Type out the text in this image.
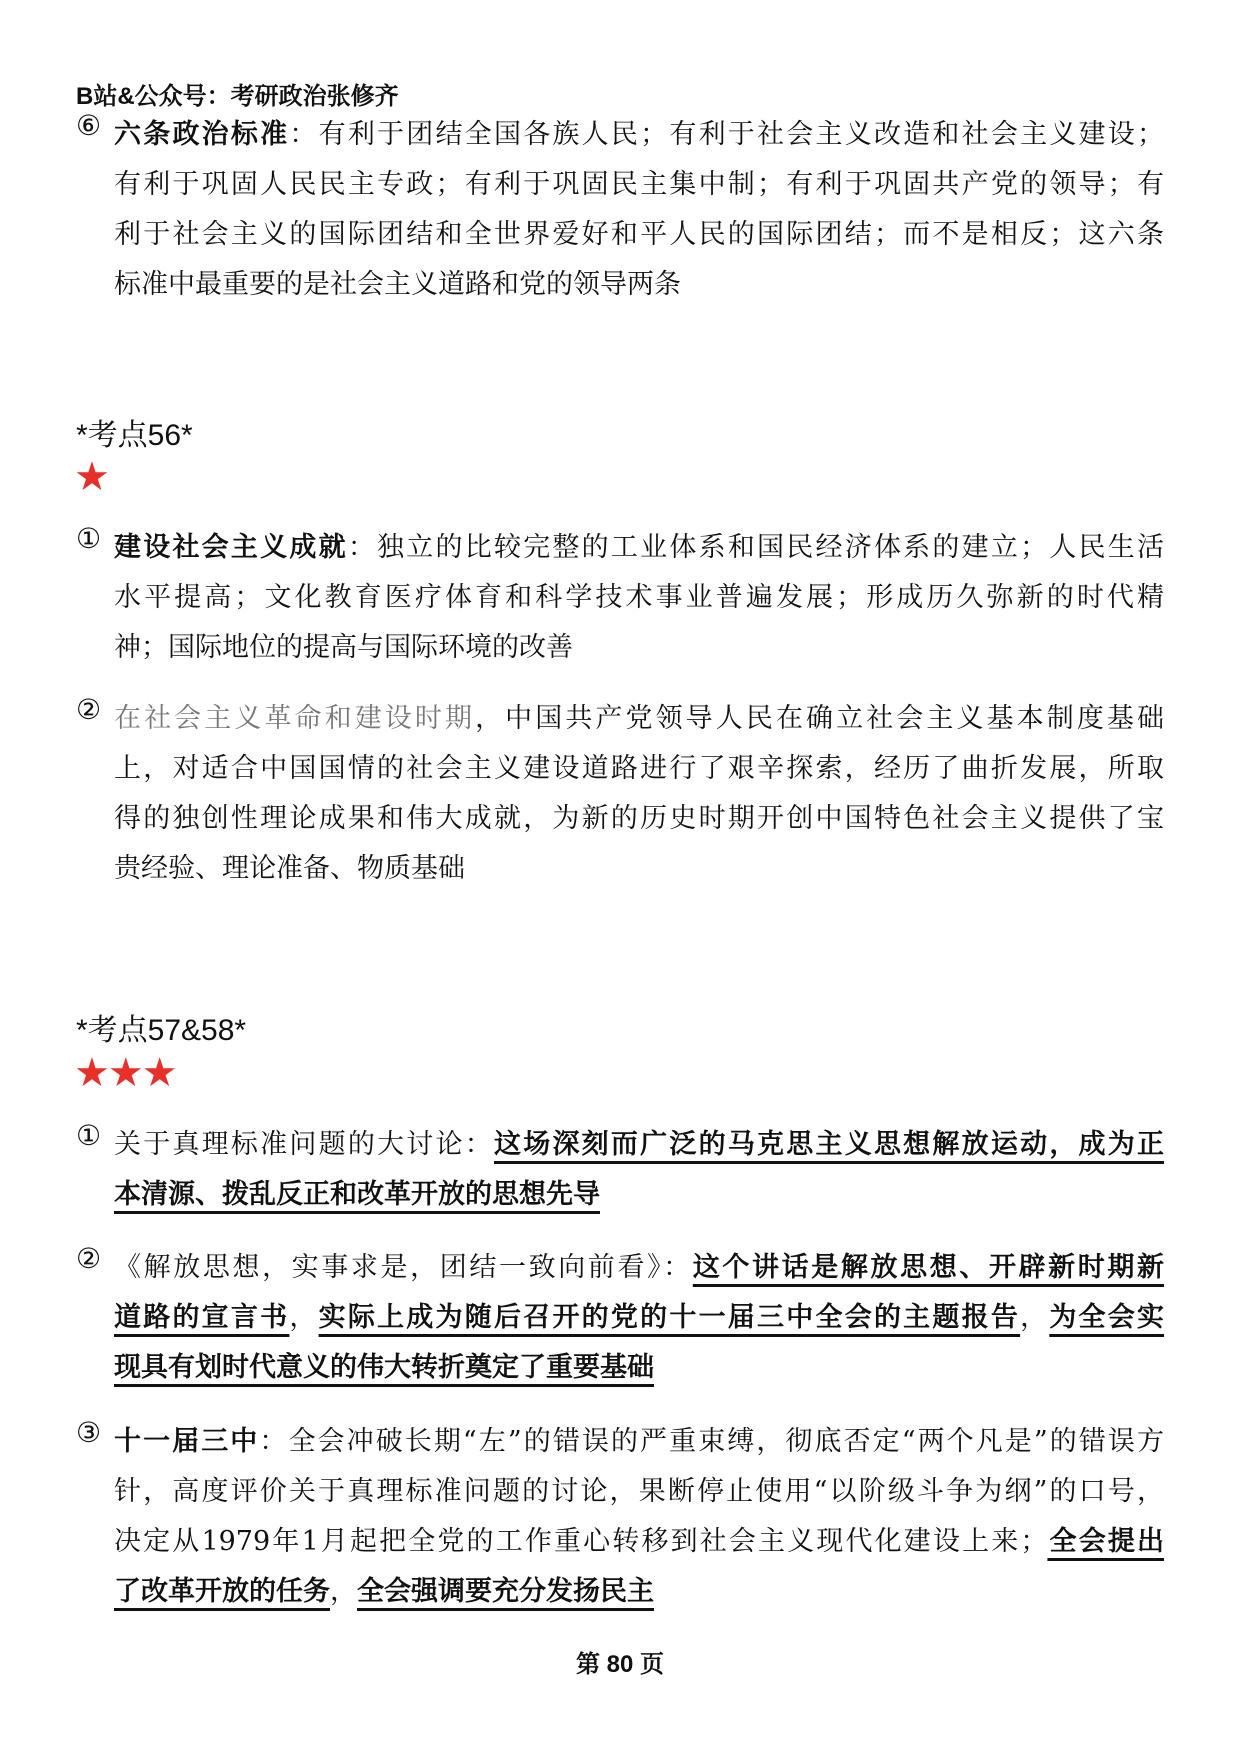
B站&公众号：考研政治张修齐
⑥ 六条政治标准：有利于团结全国各族人民；有利于社会主义改造和社会主义建设；
有利于巩固人民民主专政；有利于巩固民主集中制；有利于巩固共产党的领导；有
利于社会主义的国际团结和全世界爱好和平人民的国际团结；而不是相反；这六条
标准中最重要的是社会主义道路和党的领导两条
*考点56*
★
① 建设社会主义成就：独立的比较完整的工业体系和国民经济体系的建立；人民生活
水平提高；文化教育医疗体育和科学技术事业普遍发展；形成历久弥新的时代精
神；国际地位的提高与国际环境的改善
② 在社会主义革命和建设时期，中国共产党领导人民在确立社会主义基本制度基础
上，对适合中国国情的社会主义建设道路进行了艰辛探索，经历了曲折发展，所取
得的独创性理论成果和伟大成就，为新的历史时期开创中国特色社会主义提供了宝
贵经验、理论准备、物质基础
*考点57&58*
★★★
① 关于真理标准问题的大讨论：这场深刻而广泛的马克思主义思想解放运动，成为正
本清源、拨乱反正和改革开放的思想先导
② 《解放思想，实事求是，团结一致向前看》：这个讲话是解放思想、开辟新时期新
道路的宣言书，实际上成为随后召开的党的十一届三中全会的主题报告，为全会实
现具有划时代意义的伟大转折奠定了重要基础
③ 十一届三中：全会冲破长期“左”的错误的严重束缚，彻底否定“两个凡是”的错误方
针，高度评价关于真理标准问题的讨论，果断停止使用“以阶级斗争为纲”的口号，
决定从1979年1月起把全党的工作重心转移到社会主义现代化建设上来；全会提出
了改革开放的任务，全会强调要充分发扬民主
第 80 页
